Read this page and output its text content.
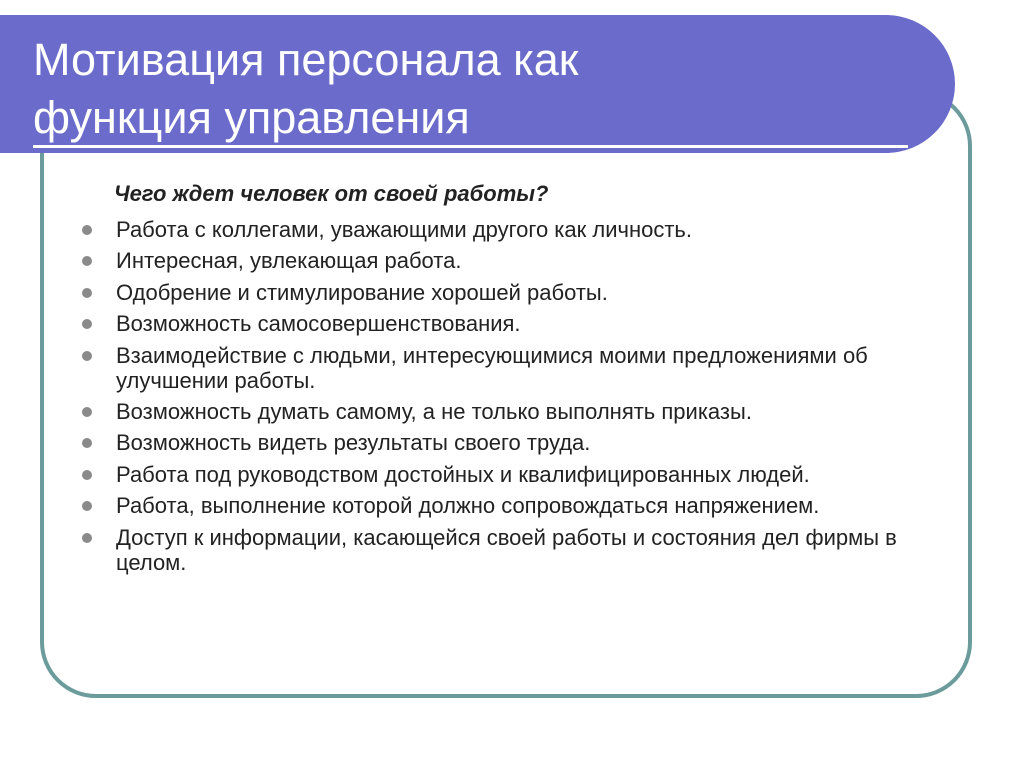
Мотивация персонала как
функция управления

Чего ждет человек от своей работы?

Работа с коллегами, уважающими другого как личность.
Интересная, увлекающая работа.
Одобрение и стимулирование хорошей работы.
Возможность самосовершенствования.
Взаимодействие с людьми, интересующимися моими предложениями об улучшении работы.
Возможность думать самому, а не только выполнять приказы.
Возможность видеть результаты своего труда.
Работа под руководством достойных и квалифицированных людей.
Работа, выполнение которой должно сопровождаться напряжением.
Доступ к информации, касающейся своей работы и состояния дел фирмы в целом.
